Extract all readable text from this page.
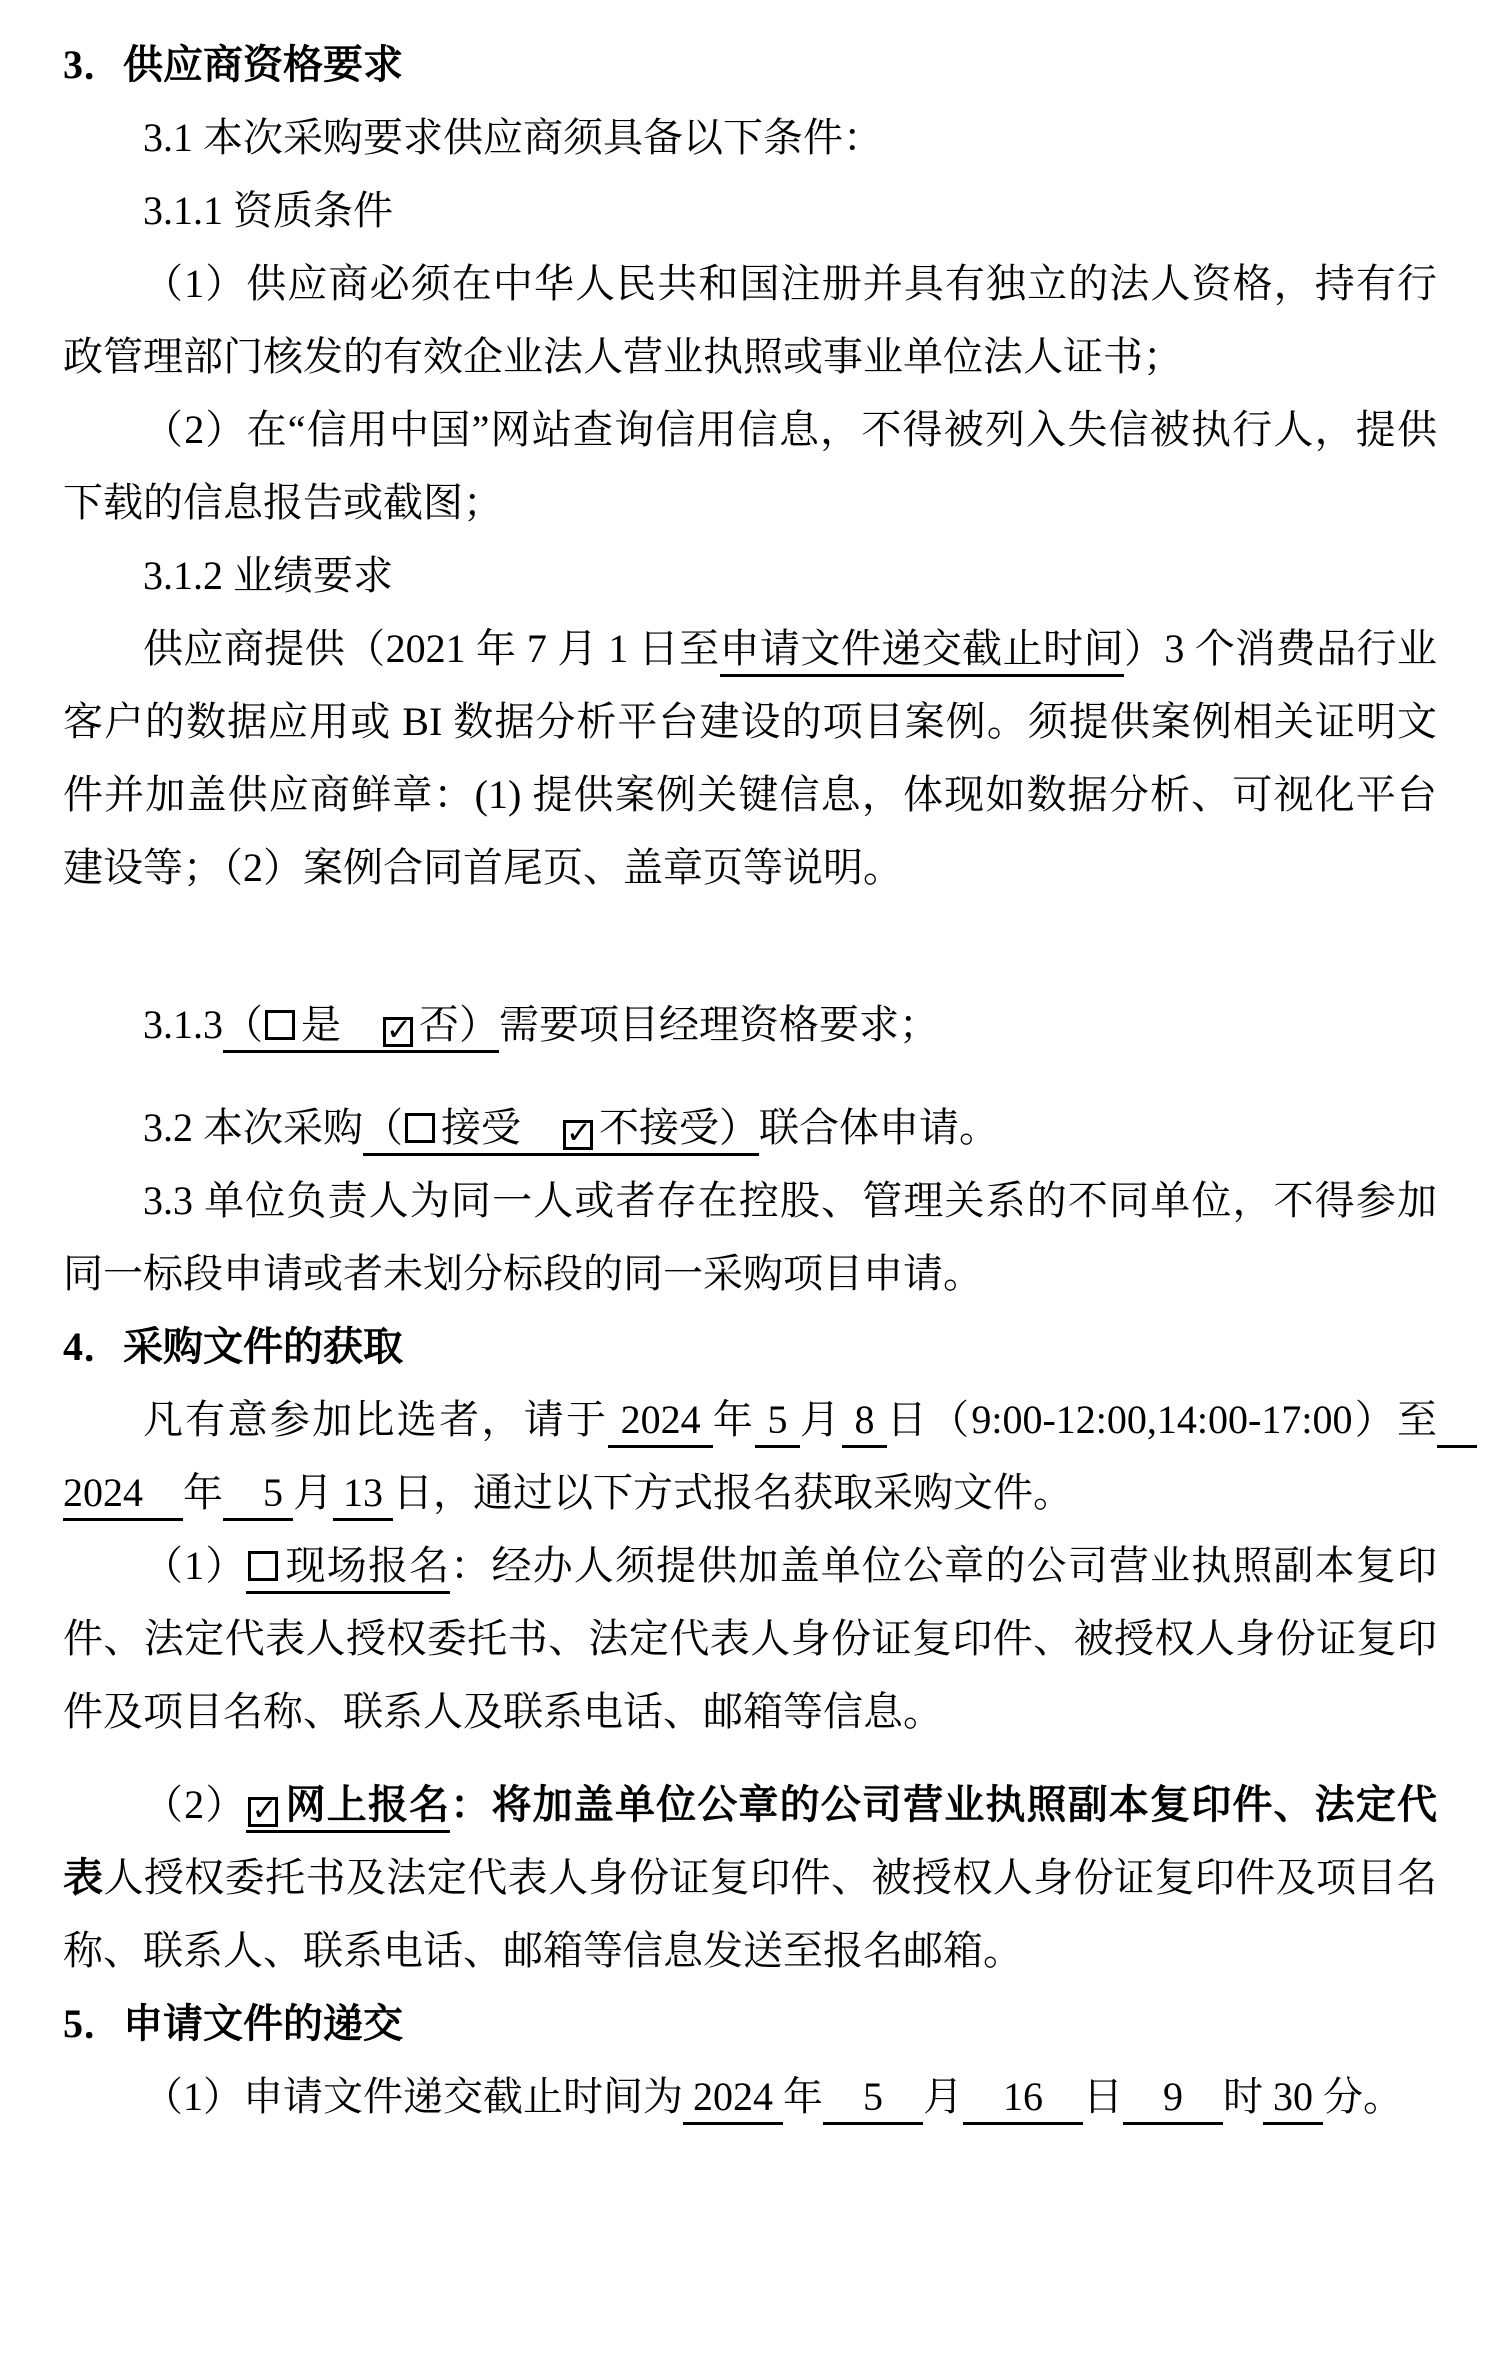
3．供应商资格要求

3.1 本次采购要求供应商须具备以下条件：

3.1.1 资质条件

（1）供应商必须在中华人民共和国注册并具有独立的法人资格，持有行政管理部门核发的有效企业法人营业执照或事业单位法人证书；

（2）在“信用中国”网站查询信用信息，不得被列入失信被执行人，提供下载的信息报告或截图；

3.1.2 业绩要求

供应商提供（2021 年 7 月 1 日至申请文件递交截止时间）3 个消费品行业客户的数据应用或 BI 数据分析平台建设的项目案例。须提供案例相关证明文件并加盖供应商鲜章：(1) 提供案例关键信息，体现如数据分析、可视化平台建设等；（2）案例合同首尾页、盖章页等说明。

3.1.3（ 是　✓ 否）需要项目经理资格要求；

3.2 本次采购（ 接受　✓ 不接受）联合体申请。

3.3 单位负责人为同一人或者存在控股、管理关系的不同单位，不得参加同一标段申请或者未划分标段的同一采购项目申请。

4．采购文件的获取

凡有意参加比选者，请于 2024 年 5 月 8 日（9:00-12:00,14:00-17:00）至　2024　年　5 月 13 日，通过以下方式报名获取采购文件。

（1） 现场报名：经办人须提供加盖单位公章的公司营业执照副本复印件、法定代表人授权委托书、法定代表人身份证复印件、被授权人身份证复印件及项目名称、联系人及联系电话、邮箱等信息。

（2） ✓ 网上报名：将加盖单位公章的公司营业执照副本复印件、法定代表人授权委托书及法定代表人身份证复印件、被授权人身份证复印件及项目名称、联系人、联系电话、邮箱等信息发送至报名邮箱。

5．申请文件的递交

（1）申请文件递交截止时间为 2024 年　5　月　16　日　9　时 30 分。
